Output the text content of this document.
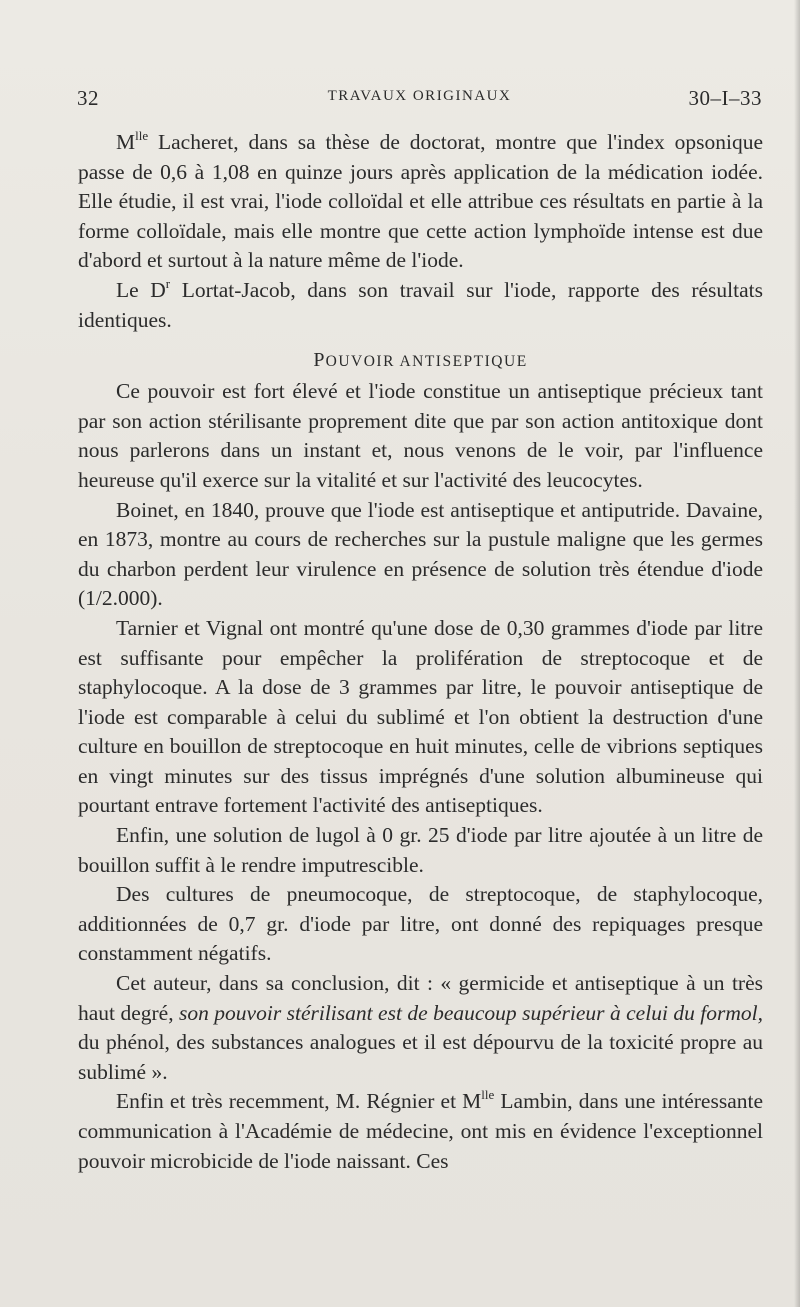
32	TRAVAUX ORIGINAUX	30–I–33

$M^{lle}$ Lacheret, dans sa thèse de doctorat, montre que l'index opsonique passe de 0,6 à 1,08 en quinze jours après application de la médication iodée. Elle étudie, il est vrai, l'iode colloïdal et elle attribue ces résultats en partie à la forme colloïdale, mais elle montre que cette action lymphoïde intense est due d'abord et surtout à la nature même de l'iode.

Le $D^r$ Lortat-Jacob, dans son travail sur l'iode, rapporte des résultats identiques.

POUVOIR ANTISEPTIQUE

Ce pouvoir est fort élevé et l'iode constitue un antiseptique précieux tant par son action stérilisante proprement dite que par son action antitoxique dont nous parlerons dans un instant et, nous venons de le voir, par l'influence heureuse qu'il exerce sur la vitalité et sur l'activité des leucocytes.

Boinet, en 1840, prouve que l'iode est antiseptique et antiputride. Davaine, en 1873, montre au cours de recherches sur la pustule maligne que les germes du charbon perdent leur virulence en présence de solution très étendue d'iode (1/2.000).

Tarnier et Vignal ont montré qu'une dose de 0,30 grammes d'iode par litre est suffisante pour empêcher la prolifération de streptocoque et de staphylocoque. A la dose de 3 grammes par litre, le pouvoir antiseptique de l'iode est comparable à celui du sublimé et l'on obtient la destruction d'une culture en bouillon de streptocoque en huit minutes, celle de vibrions septiques en vingt minutes sur des tissus imprégnés d'une solution albumineuse qui pourtant entrave fortement l'activité des antiseptiques.

Enfin, une solution de lugol à 0 gr. 25 d'iode par litre ajoutée à un litre de bouillon suffit à le rendre imputrescible.

Des cultures de pneumocoque, de streptocoque, de staphylocoque, additionnées de 0,7 gr. d'iode par litre, ont donné des repiquages presque constamment négatifs.

Cet auteur, dans sa conclusion, dit : « germicide et antiseptique à un très haut degré, son pouvoir stérilisant est de beaucoup supérieur à celui du formol, du phénol, des substances analogues et il est dépourvu de la toxicité propre au sublimé ».

Enfin et très recemment, M. Régnier et $M^{lle}$ Lambin, dans une intéressante communication à l'Académie de médecine, ont mis en évidence l'exceptionnel pouvoir microbicide de l'iode naissant. Ces
